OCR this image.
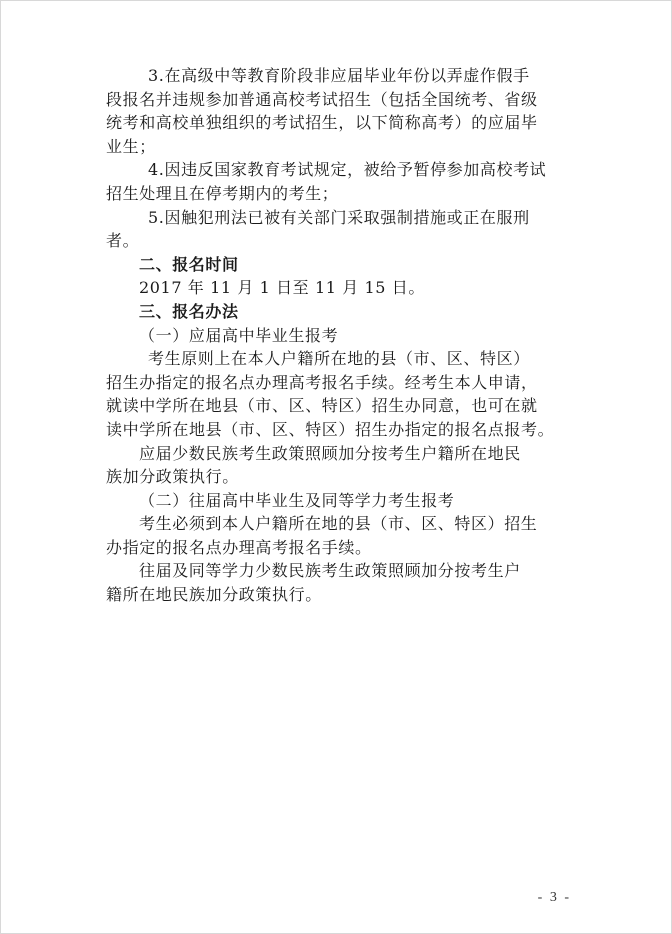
3.在高级中等教育阶段非应届毕业年份以弄虚作假手

段报名并违规参加普通高校考试招生（包括全国统考、省级

统考和高校单独组织的考试招生，以下简称高考）的应届毕

业生；

4.因违反国家教育考试规定，被给予暂停参加高校考试

招生处理且在停考期内的考生；

5.因触犯刑法已被有关部门采取强制措施或正在服刑

者。

二、报名时间

2017 年 11 月 1 日至 11 月 15 日。

三、报名办法

（一）应届高中毕业生报考

考生原则上在本人户籍所在地的县（市、区、特区）

招生办指定的报名点办理高考报名手续。经考生本人申请，

就读中学所在地县（市、区、特区）招生办同意，也可在就

读中学所在地县（市、区、特区）招生办指定的报名点报考。

应届少数民族考生政策照顾加分按考生户籍所在地民

族加分政策执行。

（二）往届高中毕业生及同等学力考生报考

考生必须到本人户籍所在地的县（市、区、特区）招生

办指定的报名点办理高考报名手续。

往届及同等学力少数民族考生政策照顾加分按考生户

籍所在地民族加分政策执行。

- 3 -
